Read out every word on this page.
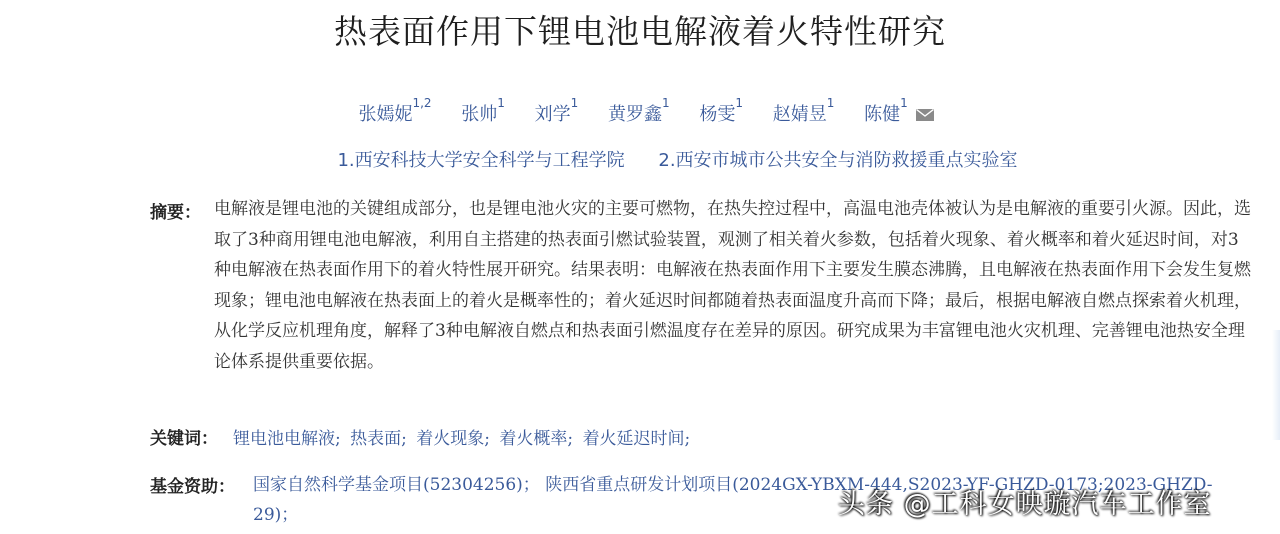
热表面作用下锂电池电解液着火特性研究
张嫣妮$^{1,2}$ 张帅$^1$ 刘学$^1$ 黄罗鑫$^1$ 杨雯$^1$ 赵婧昱$^1$ 陈健$^1$
1.西安科技大学安全科学与工程学院 2.西安市城市公共安全与消防救援重点实验室
摘要： 电解液是锂电池的关键组成部分，也是锂电池火灾的主要可燃物，在热失控过程中，高温电池壳体被认为是电解液的重要引火源。因此，选取了3种商用锂电池电解液，利用自主搭建的热表面引燃试验装置，观测了相关着火参数，包括着火现象、着火概率和着火延迟时间，对3种电解液在热表面作用下的着火特性展开研究。结果表明：电解液在热表面作用下主要发生膜态沸腾，且电解液在热表面作用下会发生复燃现象；锂电池电解液在热表面上的着火是概率性的；着火延迟时间都随着热表面温度升高而下降；最后，根据电解液自燃点探索着火机理，从化学反应机理角度，解释了3种电解液自燃点和热表面引燃温度存在差异的原因。研究成果为丰富锂电池火灾机理、完善锂电池热安全理论体系提供重要依据。
关键词： 锂电池电解液; 热表面; 着火现象; 着火概率; 着火延迟时间;
基金资助： 国家自然科学基金项目(52304256)； 陕西省重点研发计划项目(2024GX-YBXM-444,S2023-YF-GHZD-0173;2023-GHZD-29)；	头条 @工科女映璇汽车工作室
